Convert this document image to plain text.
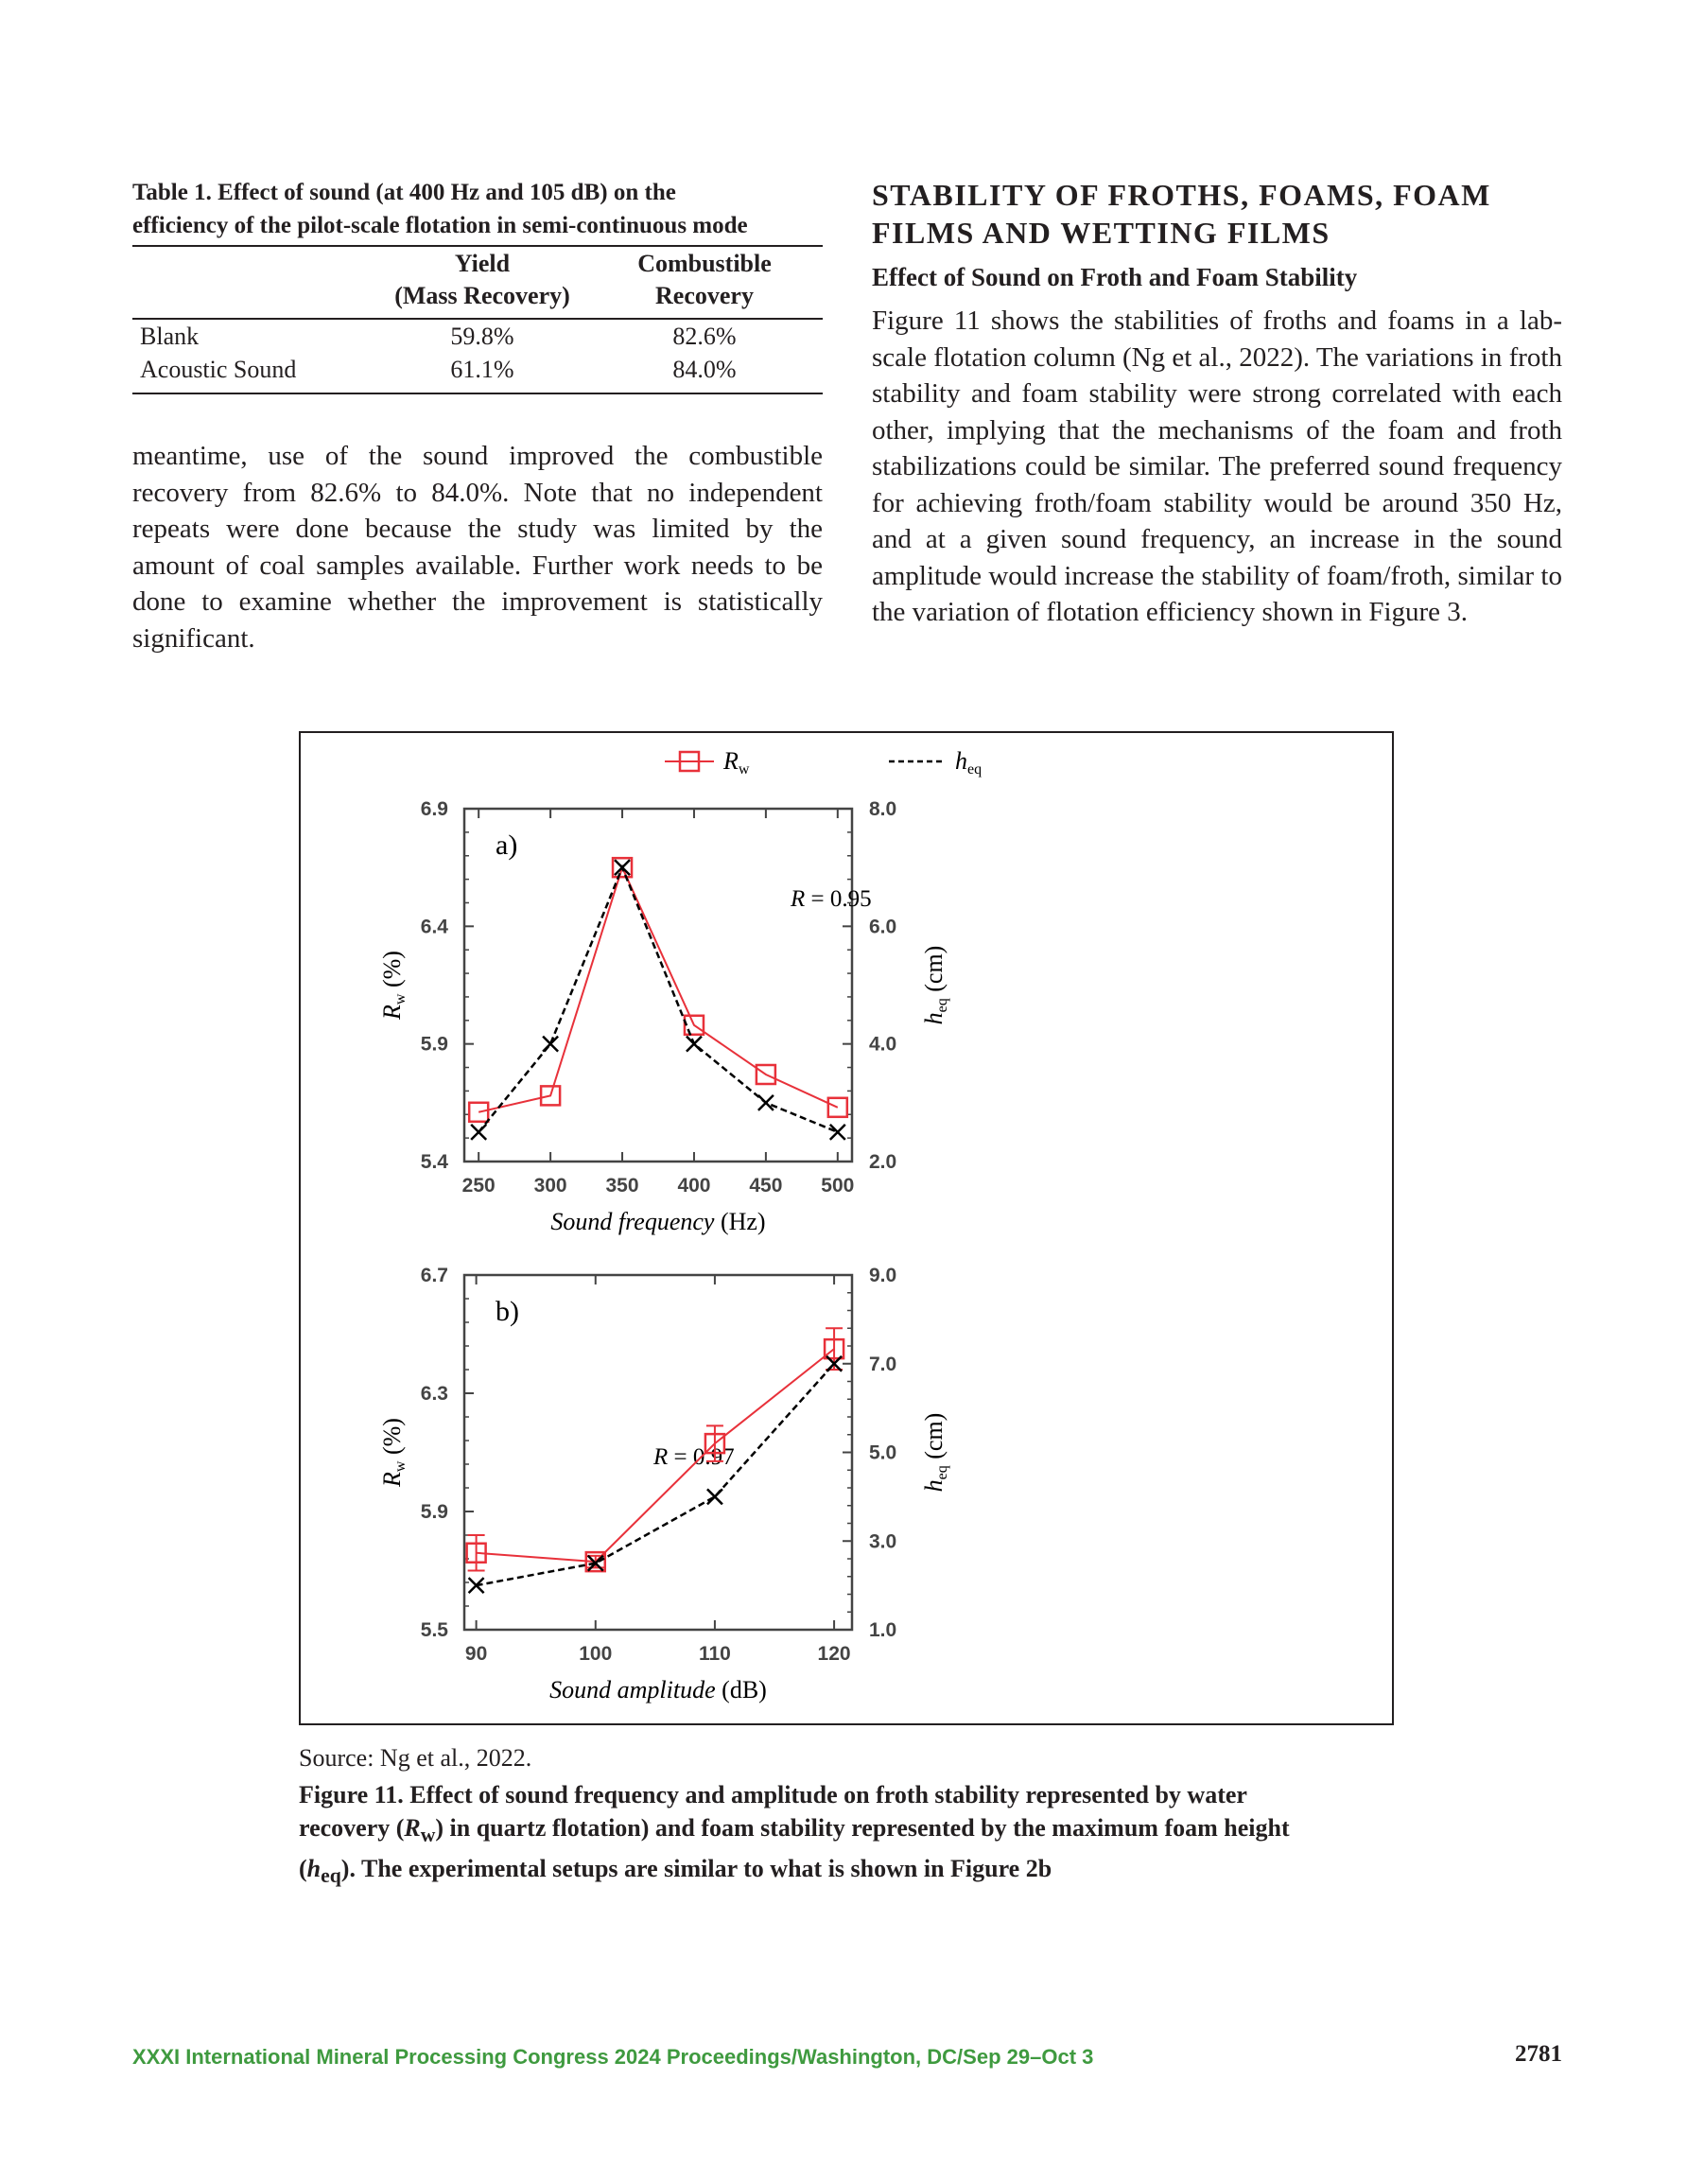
Table 1. Effect of sound (at 400 Hz and 105 dB) on the
efficiency of the pilot-scale flotation in semi-continuous mode
Yield
(Mass Recovery)
Combustible
Recovery
Blank	59.8%	82.6%
Acoustic Sound	61.1%	84.0%
meantime, use of the sound improved the combustible recovery from 82.6% to 84.0%. Note that no independent repeats were done because the study was limited by the amount of coal samples available. Further work needs to be done to examine whether the improvement is statistically significant.
STABILITY OF FROTHS, FOAMS, FOAM
FILMS AND WETTING FILMS
Effect of Sound on Froth and Foam Stability
Figure 11 shows the stabilities of froths and foams in a lab-scale flotation column (Ng et al., 2022). The variations in froth stability and foam stability were strong correlated with each other, implying that the mechanisms of the foam and froth stabilizations could be similar. The preferred sound frequency for achieving froth/foam stability would be around 350 Hz, and at a given sound frequency, an increase in the sound amplitude would increase the stability of foam/froth, similar to the variation of flotation efficiency shown in Figure 3.
Rw	heq
250 300 350 400 450 500
5.4
5.9
6.4
6.9
2.0
4.0
6.0
8.0
a)
R = 0.95
Sound frequency (Hz)
Rw (%)
heq (cm)
90	100	110	120
5.5
5.9
6.3
6.7
1.0
3.0
5.0
7.0
9.0
b)
R = 0.97
Sound amplitude (dB)
Rw (%)
heq (cm)
Source: Ng et al., 2022.
Figure 11. Effect of sound frequency and amplitude on froth stability represented by water
recovery $(R_w)$ in quartz flotation) and foam stability represented by the maximum foam height
$(h_{eq})$. The experimental setups are similar to what is shown in Figure 2b
XXXI International Mineral Processing Congress 2024 Proceedings/Washington, DC/Sep 29–Oct 3	2781
